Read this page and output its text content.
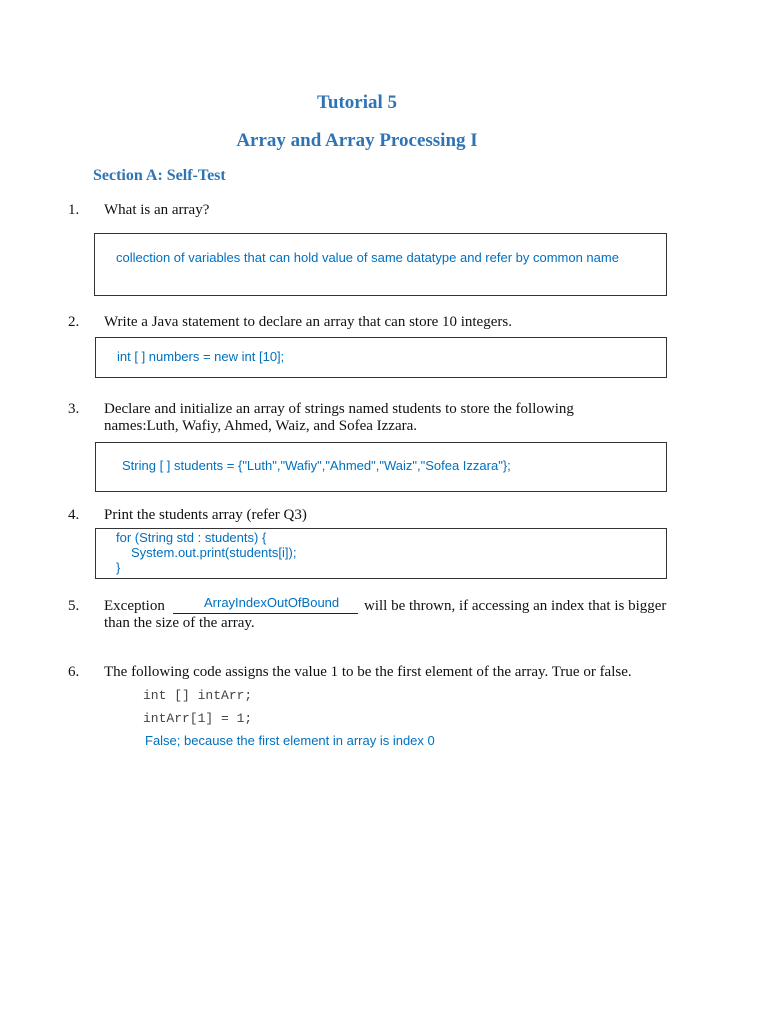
Tutorial 5
Array and Array Processing I
Section A: Self-Test
1. What is an array?
collection of variables that can hold value of same datatype and refer by common name
2. Write a Java statement to declare an array that can store 10 integers.
int [ ] numbers = new int [10];
3. Declare and initialize an array of strings named students to store the following
names:Luth, Wafiy, Ahmed, Waiz, and Sofea Izzara.
String [ ] students = {"Luth","Wafiy","Ahmed","Waiz","Sofea Izzara"};
4. Print the students array (refer Q3)
for (String std : students) {
System.out.print(students[i]);
}
5. Exception	ArrayIndexOutOfBound will be thrown, if accessing an index that is bigger
than the size of the array.
6. The following code assigns the value 1 to be the first element of the array. True or false.
int [] intArr;
intArr[1] = 1;
False; because the first element in array is index 0
